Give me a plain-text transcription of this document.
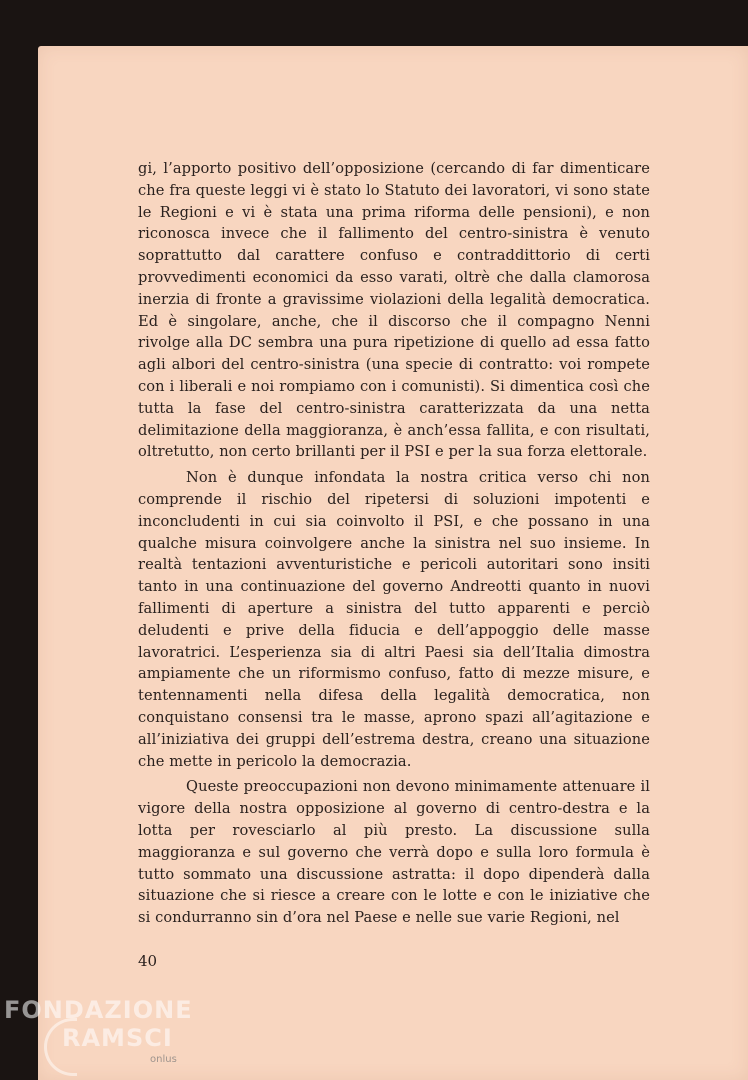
gi, l’apporto positivo dell’opposizione (cercando di far dimenticare che fra queste leggi vi è stato lo Statuto dei lavoratori, vi sono state le Regioni e vi è stata una prima riforma delle pensioni), e non riconosca invece che il fallimento del centro-sinistra è venuto soprattutto dal carattere confuso e contraddittorio di certi provvedimenti economici da esso varati, oltrè che dalla clamorosa inerzia di fronte a gravissime violazioni della legalità democratica. Ed è singolare, anche, che il discorso che il compagno Nenni rivolge alla DC sembra una pura ripetizione di quello ad essa fatto agli albori del centro-sinistra (una specie di contratto: voi rompete con i liberali e noi rompiamo con i comunisti). Si dimentica così che tutta la fase del centro-sinistra caratterizzata da una netta delimitazione della maggioranza, è anch’essa fallita, e con risultati, oltretutto, non certo brillanti per il PSI e per la sua forza elettorale.

Non è dunque infondata la nostra critica verso chi non comprende il rischio del ripetersi di soluzioni impotenti e inconcludenti in cui sia coinvolto il PSI, e che possano in una qualche misura coinvolgere anche la sinistra nel suo insieme. In realtà tentazioni avventuristiche e pericoli autoritari sono insiti tanto in una continuazione del governo Andreotti quanto in nuovi fallimenti di aperture a sinistra del tutto apparenti e perciò deludenti e prive della fiducia e dell’appoggio delle masse lavoratrici. L’esperienza sia di altri Paesi sia dell’Italia dimostra ampiamente che un riformismo confuso, fatto di mezze misure, e tentennamenti nella difesa della legalità democratica, non conquistano consensi tra le masse, aprono spazi all’agitazione e all’iniziativa dei gruppi dell’estrema destra, creano una situazione che mette in pericolo la democrazia.

Queste preoccupazioni non devono minimamente attenuare il vigore della nostra opposizione al governo di centro-destra e la lotta per rovesciarlo al più presto. La discussione sulla maggioranza e sul governo che verrà dopo e sulla loro formula è tutto sommato una discussione astratta: il dopo dipenderà dalla situazione che si riesce a creare con le lotte e con le iniziative che si condurranno sin d’ora nel Paese e nelle sue varie Regioni, nel

40
FONDAZIONE
RAMSCI
onlus
